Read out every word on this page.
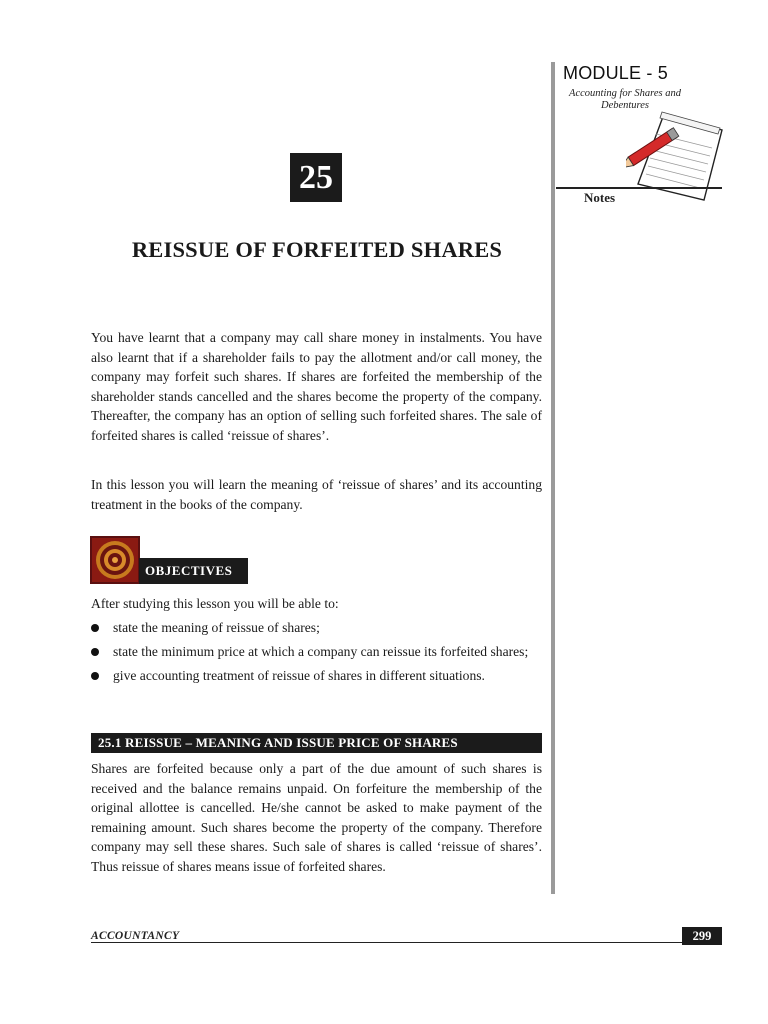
MODULE - 5
Accounting for Shares and Debentures
Notes
25
REISSUE OF FORFEITED SHARES

You have learnt that a company may call share money in instalments. You have also learnt that if a shareholder fails to pay the allotment and/or call money, the company may forfeit such shares. If shares are forfeited the membership of the shareholder stands cancelled and the shares become the property of the company. Thereafter, the company has an option of selling such forfeited shares. The sale of forfeited shares is called ‘reissue of shares’.

In this lesson you will learn the meaning of ‘reissue of shares’ and its accounting treatment in the books of the company.

OBJECTIVES

After studying this lesson you will be able to:

state the meaning of reissue of shares;
state the minimum price at which a company can reissue its forfeited shares;
give accounting treatment of reissue of shares in different situations.
25.1 REISSUE – MEANING AND ISSUE PRICE OF SHARES

Shares are forfeited because only a part of the due amount of such shares is received and the balance remains unpaid. On forfeiture the membership of the original allottee is cancelled. He/she cannot be asked to make payment of the remaining amount. Such shares become the property of the company. Therefore company may sell these shares. Such sale of shares is called ‘reissue of shares’. Thus reissue of shares means issue of forfeited shares.

ACCOUNTANCY	299
